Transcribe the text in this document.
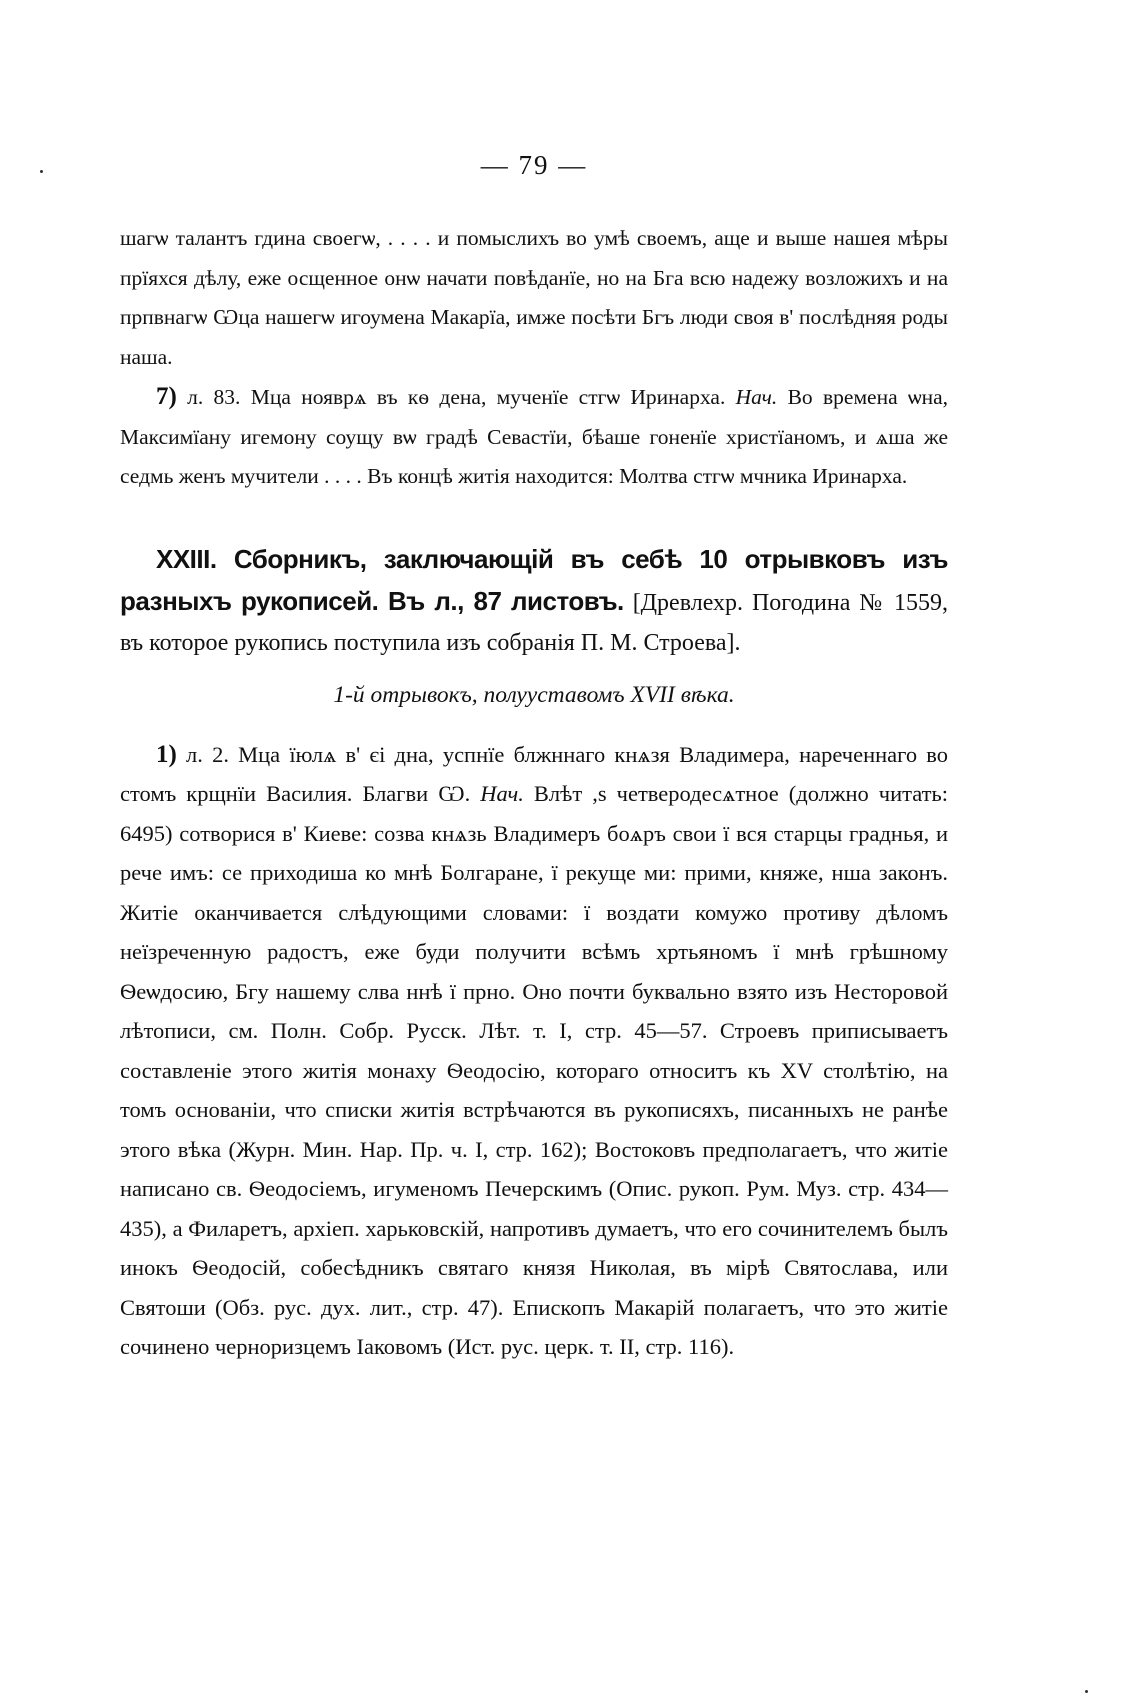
— 79 —

шагѡ талантъ гдина своегѡ, . . . . и помыслихъ во умѣ своемъ, аще и выше нашея мѣры прїяхся дѣлу, еже осщенное онѡ начати повѣданїе, но на Бга всю надежу возложихъ и на прпвнагѡ Ѡца нашегѡ игоумена Макарїа, имже посѣти Бгъ люди своя в' послѣдняя роды наша.

7) л. 83. Мца нояврѧ въ кѳ дена, мученїе стгѡ Иринарха. Нач. Во времена ѡна, Максимїану игемону соущу вѡ градѣ Севастїи, бѣаше гоненїе христїаномъ, и ѧша же седмь женъ мучители . . . . Въ концѣ житія находится: Молтва стгѡ мчника Иринарха.

XXIII. Сборникъ, заключающій въ себѣ 10 отрывковъ изъ разныхъ рукописей. Въ л., 87 листовъ. [Древлехр. Погодина № 1559, въ которое рукопись поступила изъ собранія П. М. Строева].

1-й отрывокъ, полууставомъ XVII вѣка.

1) л. 2. Мца їюлѧ в' єі дна, успнїе блжннаго кнѧзя Владимера, нареченнаго во стомъ крщнїи Василия. Благви Ѡ. Нач. Влѣт ,ѕ четверодесѧтное (должно читать: 6495) сотворися в' Киеве: созва кнѧзь Владимеръ боѧръ свои ї вся старцы граднья, и рече имъ: се приходиша ко мнѣ Болгаране, ї рекуще ми: прими, княже, нша законъ. Житіе оканчивается слѣдующими словами: ї воздати комужо противу дѣломъ неїзреченную радостъ, еже буди получити всѣмъ хртьяномъ ї мнѣ грѣшному Ѳеѡдосию, Бгу нашему слва ннѣ ї прно. Оно почти буквально взято изъ Несторовой лѣтописи, см. Полн. Собр. Русск. Лѣт. т. I, стр. 45—57. Строевъ приписываетъ составленіе этого житія монаху Ѳеодосію, котораго относитъ къ XV столѣтію, на томъ основаніи, что списки житія встрѣчаются въ рукописяхъ, писанныхъ не ранѣе этого вѣка (Журн. Мин. Нар. Пр. ч. I, стр. 162); Востоковъ предполагаетъ, что житіе написано св. Ѳеодосіемъ, игуменомъ Печерскимъ (Опис. рукоп. Рум. Муз. стр. 434—435), а Филаретъ, архіеп. харьковскій, напротивъ думаетъ, что его сочинителемъ былъ инокъ Ѳеодосій, собесѣдникъ святаго князя Николая, въ мірѣ Святослава, или Святоши (Обз. рус. дух. лит., стр. 47). Епископъ Макарій полагаетъ, что это житіе сочинено черноризцемъ Іаковомъ (Ист. рус. церк. т. II, стр. 116).
